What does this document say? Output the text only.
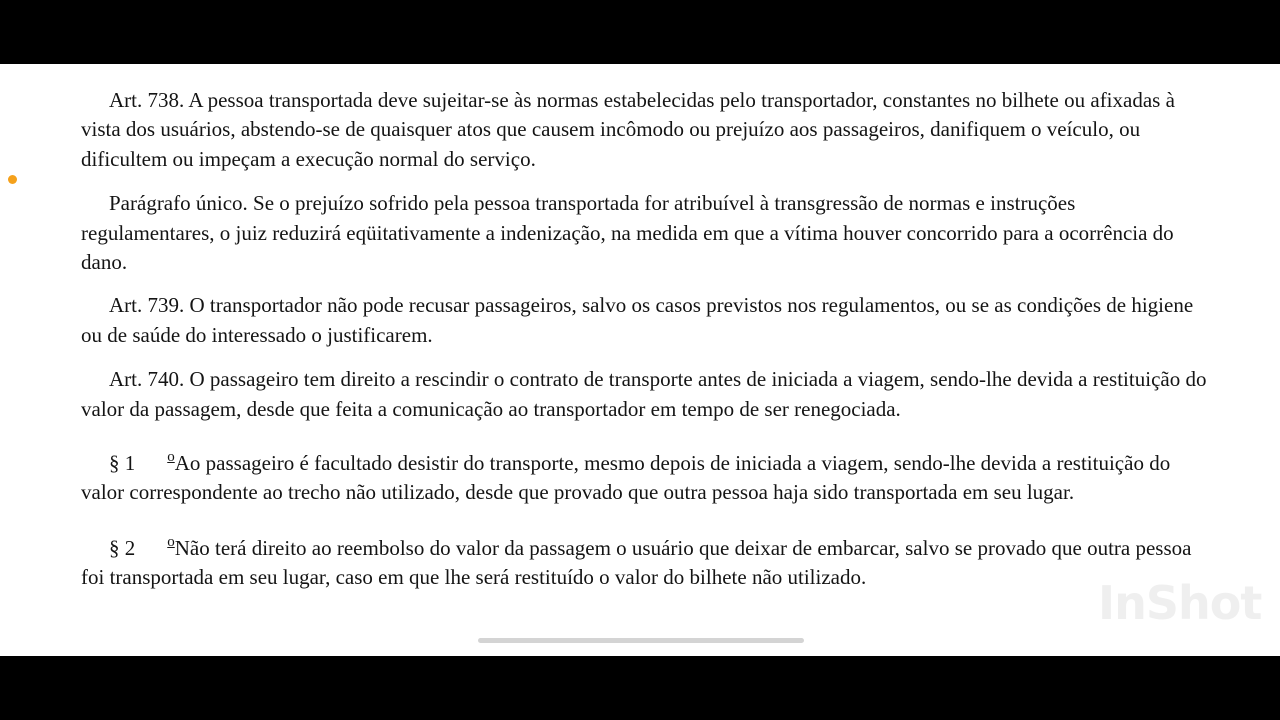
Art. 738. A pessoa transportada deve sujeitar-se às normas estabelecidas pelo transportador, constantes no bilhete ou afixadas à vista dos usuários, abstendo-se de quaisquer atos que causem incômodo ou prejuízo aos passageiros, danifiquem o veículo, ou dificultem ou impeçam a execução normal do serviço.

Parágrafo único. Se o prejuízo sofrido pela pessoa transportada for atribuível à transgressão de normas e instruções regulamentares, o juiz reduzirá eqüitativamente a indenização, na medida em que a vítima houver concorrido para a ocorrência do dano.

Art. 739. O transportador não pode recusar passageiros, salvo os casos previstos nos regulamentos, ou se as condições de higiene ou de saúde do interessado o justificarem.

Art. 740. O passageiro tem direito a rescindir o contrato de transporte antes de iniciada a viagem, sendo-lhe devida a restituição do valor da passagem, desde que feita a comunicação ao transportador em tempo de ser renegociada.

§ 1 oAo passageiro é facultado desistir do transporte, mesmo depois de iniciada a viagem, sendo-lhe devida a restituição do valor correspondente ao trecho não utilizado, desde que provado que outra pessoa haja sido transportada em seu lugar.

§ 2 oNão terá direito ao reembolso do valor da passagem o usuário que deixar de embarcar, salvo se provado que outra pessoa foi transportada em seu lugar, caso em que lhe será restituído o valor do bilhete não utilizado.	InShot
